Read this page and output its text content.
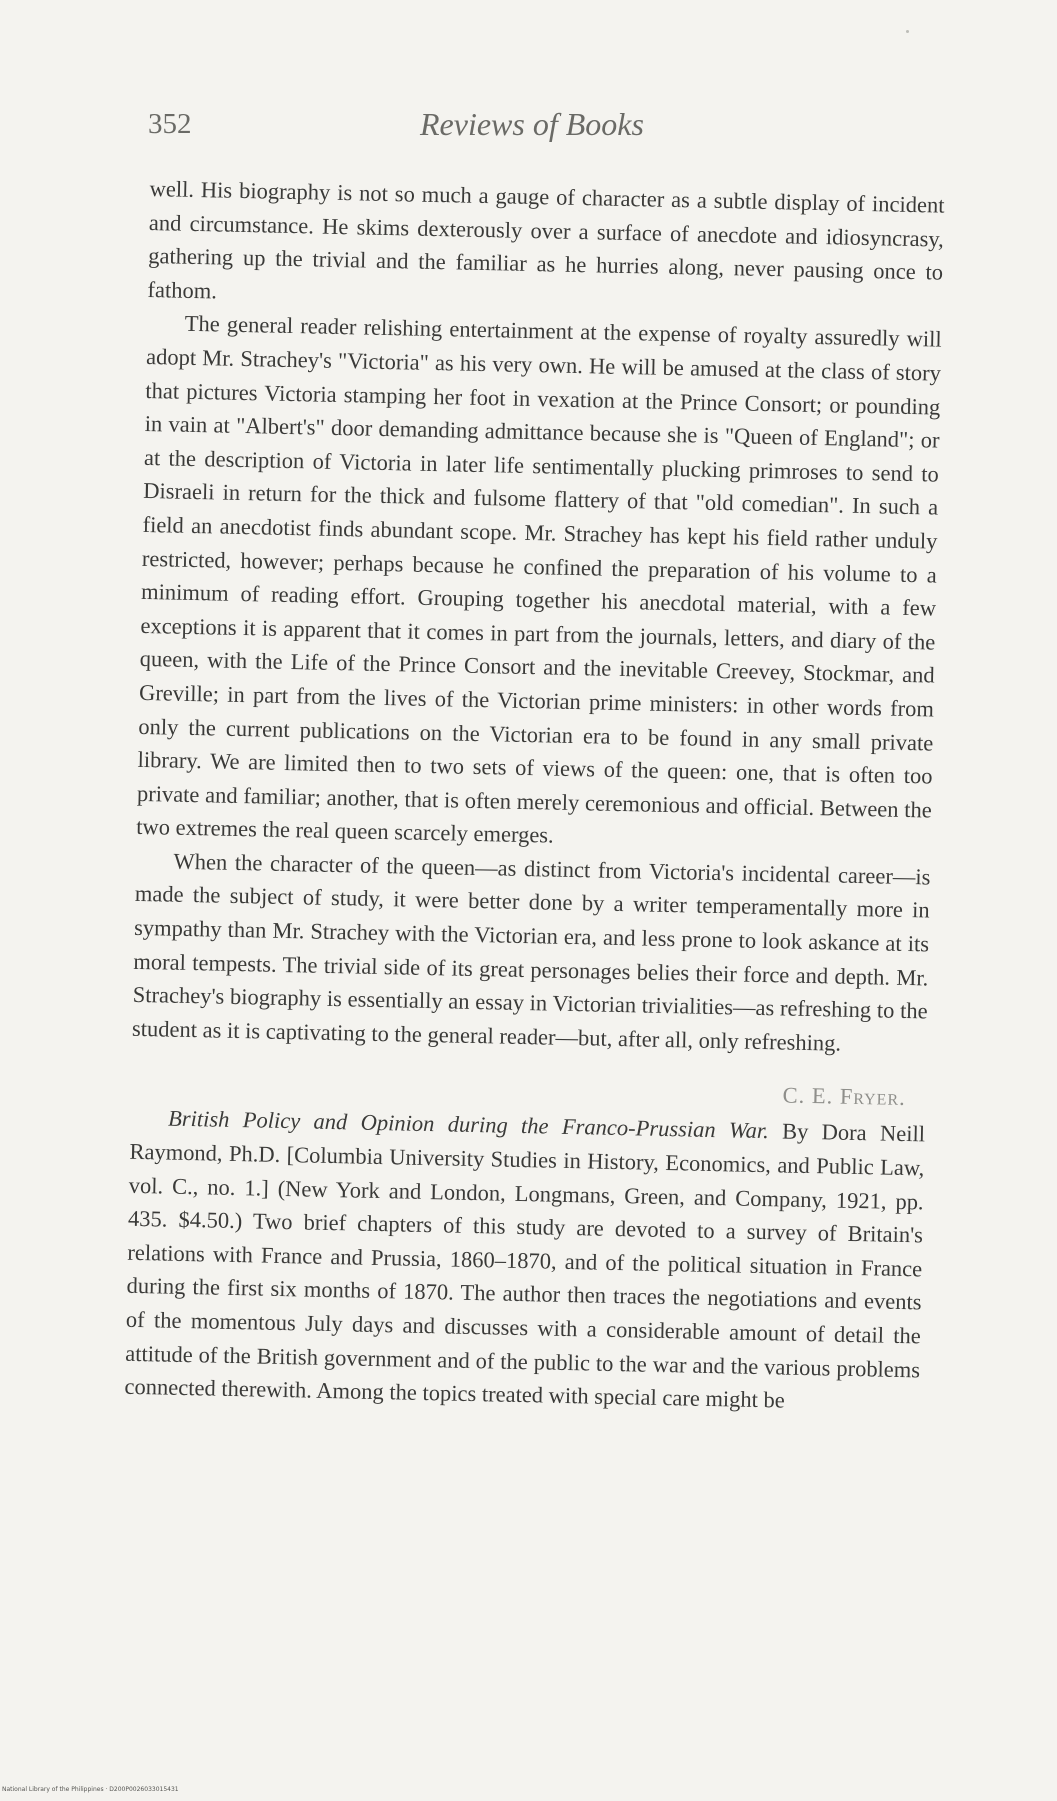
352	Reviews of Books

well. His biography is not so much a gauge of character as a subtle display of incident and circumstance. He skims dexterously over a surface of anecdote and idiosyncrasy, gathering up the trivial and the familiar as he hurries along, never pausing once to fathom.

The general reader relishing entertainment at the expense of royalty assuredly will adopt Mr. Strachey's "Victoria" as his very own. He will be amused at the class of story that pictures Victoria stamping her foot in vexation at the Prince Consort; or pounding in vain at "Albert's" door demanding admittance because she is "Queen of England"; or at the description of Victoria in later life sentimentally plucking primroses to send to Disraeli in return for the thick and fulsome flattery of that "old comedian". In such a field an anecdotist finds abundant scope. Mr. Strachey has kept his field rather unduly restricted, however; perhaps because he confined the preparation of his volume to a minimum of reading effort. Grouping together his anecdotal material, with a few exceptions it is apparent that it comes in part from the journals, letters, and diary of the queen, with the Life of the Prince Consort and the inevitable Creevey, Stockmar, and Greville; in part from the lives of the Victorian prime ministers: in other words from only the current publications on the Victorian era to be found in any small private library. We are limited then to two sets of views of the queen: one, that is often too private and familiar; another, that is often merely ceremonious and official. Between the two extremes the real queen scarcely emerges.

When the character of the queen—as distinct from Victoria's incidental career—is made the subject of study, it were better done by a writer temperamentally more in sympathy than Mr. Strachey with the Victorian era, and less prone to look askance at its moral tempests. The trivial side of its great personages belies their force and depth. Mr. Strachey's biography is essentially an essay in Victorian trivialities—as refreshing to the student as it is captivating to the general reader—but, after all, only refreshing.

C. E. Fryer.

British Policy and Opinion during the Franco-Prussian War. By Dora Neill Raymond, Ph.D. [Columbia University Studies in History, Economics, and Public Law, vol. C., no. 1.] (New York and London, Longmans, Green, and Company, 1921, pp. 435. $4.50.) Two brief chapters of this study are devoted to a survey of Britain's relations with France and Prussia, 1860–1870, and of the political situation in France during the first six months of 1870. The author then traces the negotiations and events of the momentous July days and discusses with a considerable amount of detail the attitude of the British government and of the public to the war and the various problems connected therewith. Among the topics treated with special care might be

National Library of the Philippines · D200P0026033015431
